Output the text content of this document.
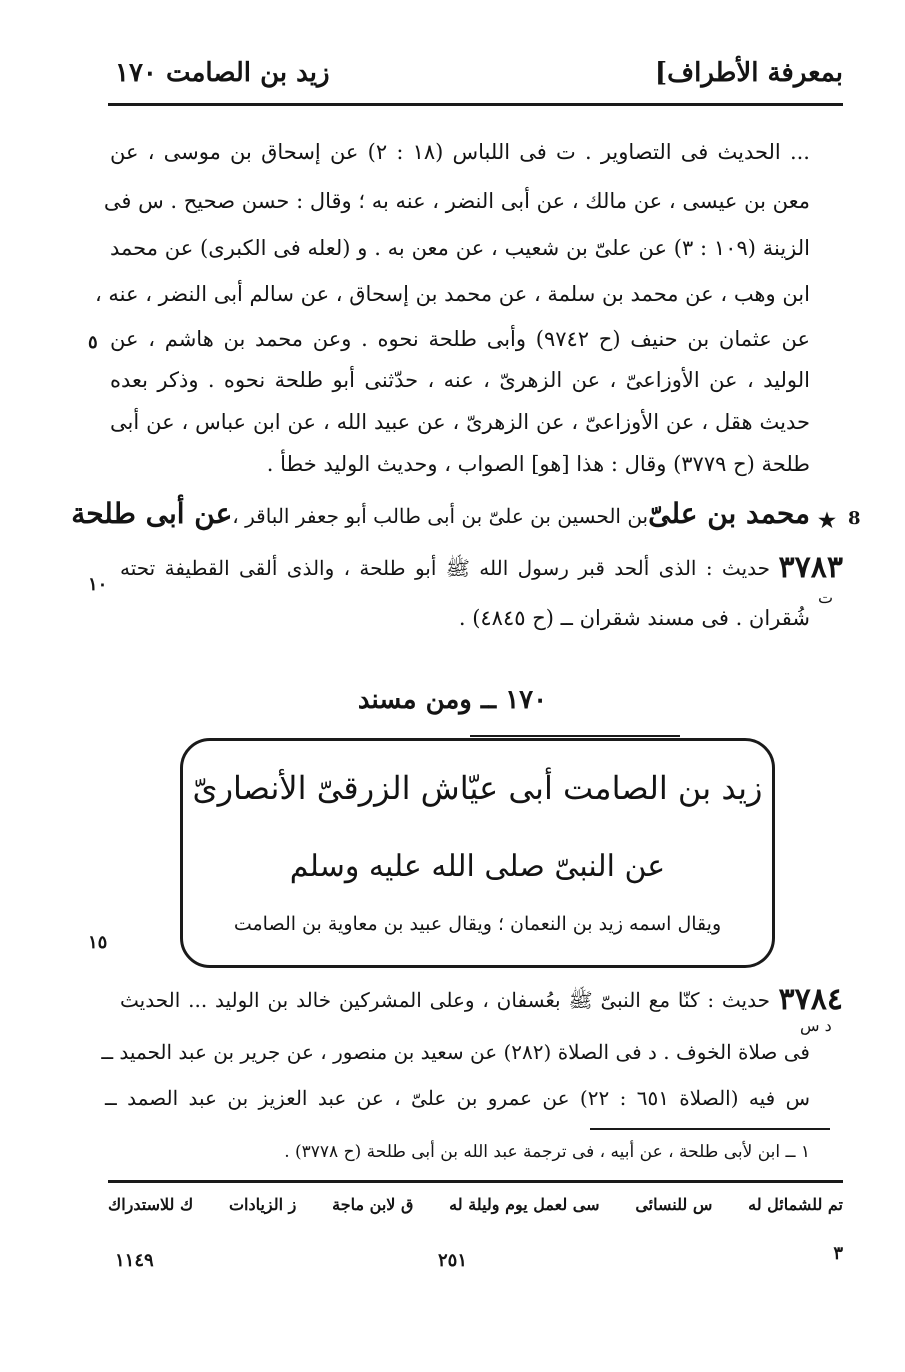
بمعرفة الأطراف]
زيد بن الصامت ١٧٠
... الحديث فى التصاوير . ت فى اللباس (١٨ : ٢) عن إسحاق بن موسى ، عن
معن بن عيسى ، عن مالك ، عن أبى النضر ، عنه به ؛ وقال : حسن صحيح . س فى
الزينة (١٠٩ : ٣) عن علىّ بن شعيب ، عن معن به . و (لعله فى الكبرى) عن محمد
ابن وهب ، عن محمد بن سلمة ، عن محمد بن إسحاق ، عن سالم أبى النضر ، عنه ،
عن عثمان بن حنيف (ح ٩٧٤٢) وأبى طلحة نحوه . وعن محمد بن هاشم ، عن
الوليد ، عن الأوزاعىّ ، عن الزهرىّ ، عنه ، حدّثنى أبو طلحة نحوه . وذكر بعده
حديث هقل ، عن الأوزاعىّ ، عن الزهرىّ ، عن عبيد الله ، عن ابن عباس ، عن أبى
طلحة (ح ٣٧٧٩) وقال : هذا [هو] الصواب ، وحديث الوليد خطأ .
٥
8
★
محمد بن علىّ
بن الحسين بن علىّ بن أبى طالب أبو جعفر الباقر ،
عن أبى طلحة
٣٧٨٣
حديث : الذى ألحد قبر رسول الله ﷺ أبو طلحة ، والذى ألقى القطيفة تحته
١٠
ت
شُقران . فى مسند شقران ــ (ح ٤٨٤٥) .
١٧٠ ــ ومن مسند
زيد بن الصامت أبى عيّاش الزرقىّ الأنصارىّ
عن النبىّ صلى الله عليه وسلم
ويقال اسمه زيد بن النعمان ؛ ويقال عبيد بن معاوية بن الصامت
١٥
٣٧٨٤
حديث : كنّا مع النبىّ ﷺ بعُسفان ، وعلى المشركين خالد بن الوليد ... الحديث
د س
فى صلاة الخوف . د فى الصلاة (٢٨٢) عن سعيد بن منصور ، عن جرير بن عبد الحميد ــ
س فيه (الصلاة ٦٥١ : ٢٢) عن عمرو بن علىّ ، عن عبد العزيز بن عبد الصمد ــ
١ ــ ابن لأبى طلحة ، عن أبيه ، فى ترجمة عبد الله بن أبى طلحة (ح ٣٧٧٨) .
تم للشمائل له
س للنسائى
سى لعمل يوم وليلة له
ق لابن ماجة
ز الزيادات
ك للاستدراك
٣
٢٥١
١١٤٩
